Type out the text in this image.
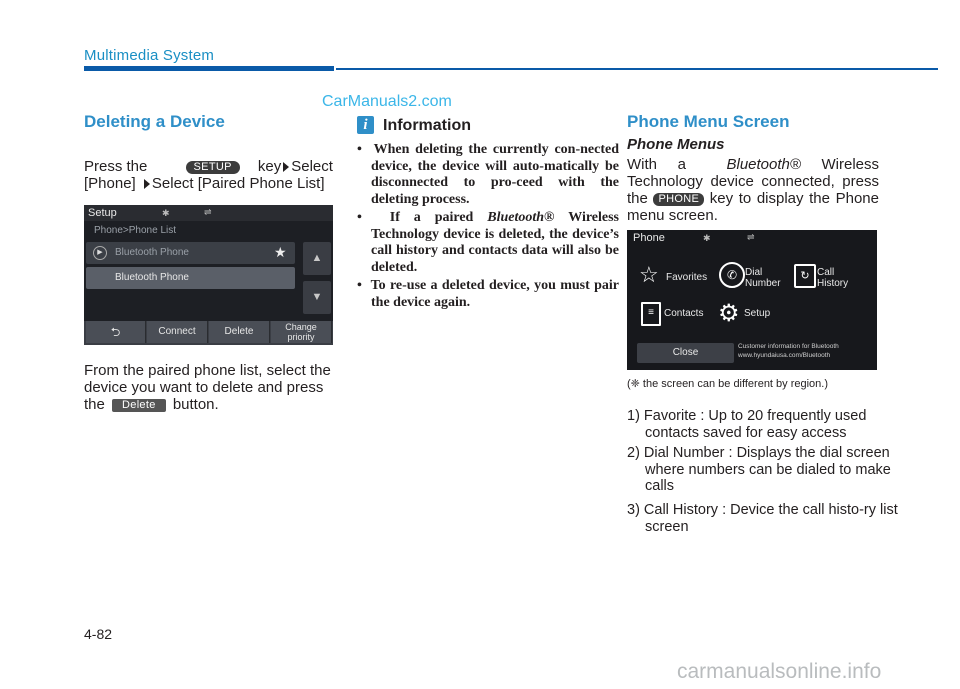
Multimedia System
CarManuals2.com
Deleting a Device
Press the	SETUP key Select
[Phone] Select [Paired Phone List]
Setup	✱	⇌
Phone>Phone List
▶	Bluetooth Phone	★
Bluetooth Phone
▲
▼
⮌	Connect	Delete	Change priority
From the paired phone list, select the device you want to delete and press the Delete button.
i Information
•  When deleting the currently con-nected device, the device will auto-matically be disconnected to pro-ceed with the deleting process.
•  If a paired Bluetooth® Wireless Technology device is deleted, the device’s call history and contacts data will also be deleted.
•  To re-use a deleted device, you must pair the device again.
Phone Menu Screen
Phone Menus
With a	Bluetooth® Wireless Technology device connected, press the PHONE key to display the Phone menu screen.
Phone	✱	⇌
☆ Favorites	✆ Dial
Number
↻ Call
History
≡	Contacts ⚙ Setup
Close
Customer information for Bluetooth
www.hyundaiusa.com/Bluetooth
(❈ the screen can be different by region.)
1) Favorite : Up to 20 frequently used contacts saved for easy access
2) Dial Number : Displays the dial screen where numbers can be dialed to make calls
3) Call History : Device the call histo-ry list screen
4-82
carmanualsonline.info
